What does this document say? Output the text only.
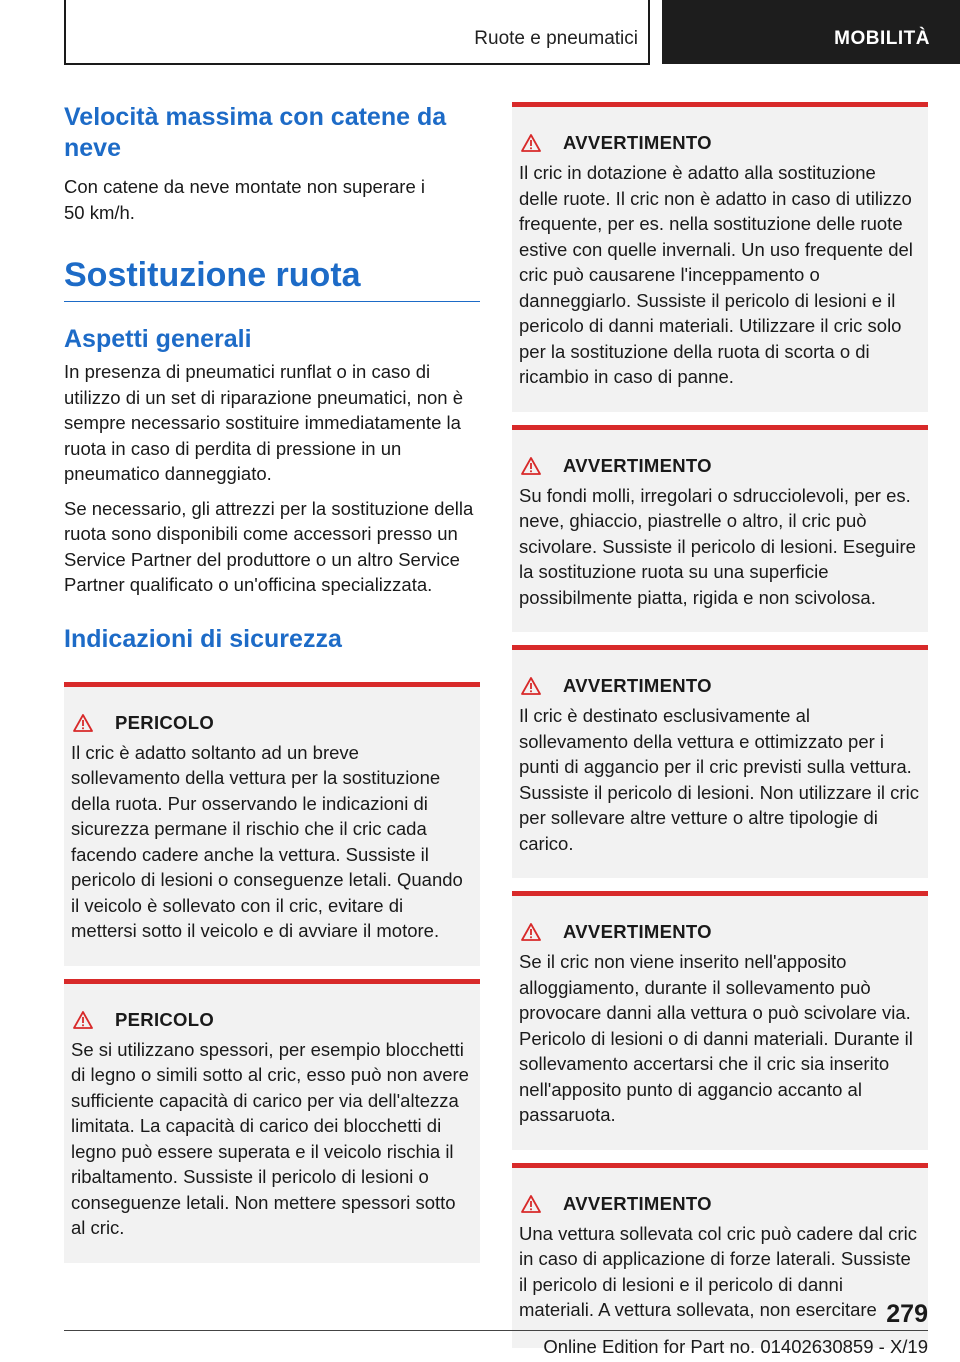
Ruote e pneumatici	MOBILITÀ
Velocità massima con catene da neve

Con catene da neve montate non superare i 50 km/h.

Sostituzione ruota
Aspetti generali

In presenza di pneumatici runflat o in caso di utilizzo di un set di riparazione pneumatici, non è sempre necessario sostituire immediatamente la ruota in caso di perdita di pressione in un pneumatico danneggiato.

Se necessario, gli attrezzi per la sostituzione della ruota sono disponibili come accessori presso un Service Partner del produttore o un altro Service Partner qualificato o un'officina specializzata.

Indicazioni di sicurezza
PERICOLO

Il cric è adatto soltanto ad un breve sollevamento della vettura per la sostituzione della ruota. Pur osservando le indicazioni di sicurezza permane il rischio che il cric cada facendo cadere anche la vettura. Sussiste il pericolo di lesioni o conseguenze letali. Quando il veicolo è sollevato con il cric, evitare di mettersi sotto il veicolo e di avviare il motore.

PERICOLO

Se si utilizzano spessori, per esempio blocchetti di legno o simili sotto al cric, esso può non avere sufficiente capacità di carico per via dell'altezza limitata. La capacità di carico dei blocchetti di legno può essere superata e il veicolo rischia il ribaltamento. Sussiste il pericolo di lesioni o conseguenze letali. Non mettere spessori sotto al cric.

AVVERTIMENTO

Il cric in dotazione è adatto alla sostituzione delle ruote. Il cric non è adatto in caso di utilizzo frequente, per es. nella sostituzione delle ruote estive con quelle invernali. Un uso frequente del cric può causarene l'inceppamento o danneggiarlo. Sussiste il pericolo di lesioni e il pericolo di danni materiali. Utilizzare il cric solo per la sostituzione della ruota di scorta o di ricambio in caso di panne.

AVVERTIMENTO

Su fondi molli, irregolari o sdrucciolevoli, per es. neve, ghiaccio, piastrelle o altro, il cric può scivolare. Sussiste il pericolo di lesioni. Eseguire la sostituzione ruota su una superficie possibilmente piatta, rigida e non scivolosa.

AVVERTIMENTO

Il cric è destinato esclusivamente al sollevamento della vettura e ottimizzato per i punti di aggancio per il cric previsti sulla vettura. Sussiste il pericolo di lesioni. Non utilizzare il cric per sollevare altre vetture o altre tipologie di carico.

AVVERTIMENTO

Se il cric non viene inserito nell'apposito alloggiamento, durante il sollevamento può provocare danni alla vettura o può scivolare via. Pericolo di lesioni o di danni materiali. Durante il sollevamento accertarsi che il cric sia inserito nell'apposito punto di aggancio accanto al passaruota.

AVVERTIMENTO

Una vettura sollevata col cric può cadere dal cric in caso di applicazione di forze laterali. Sussiste il pericolo di lesioni e il pericolo di danni materiali. A vettura sollevata, non esercitare 279
Online Edition for Part no. 01402630859 - X/19
